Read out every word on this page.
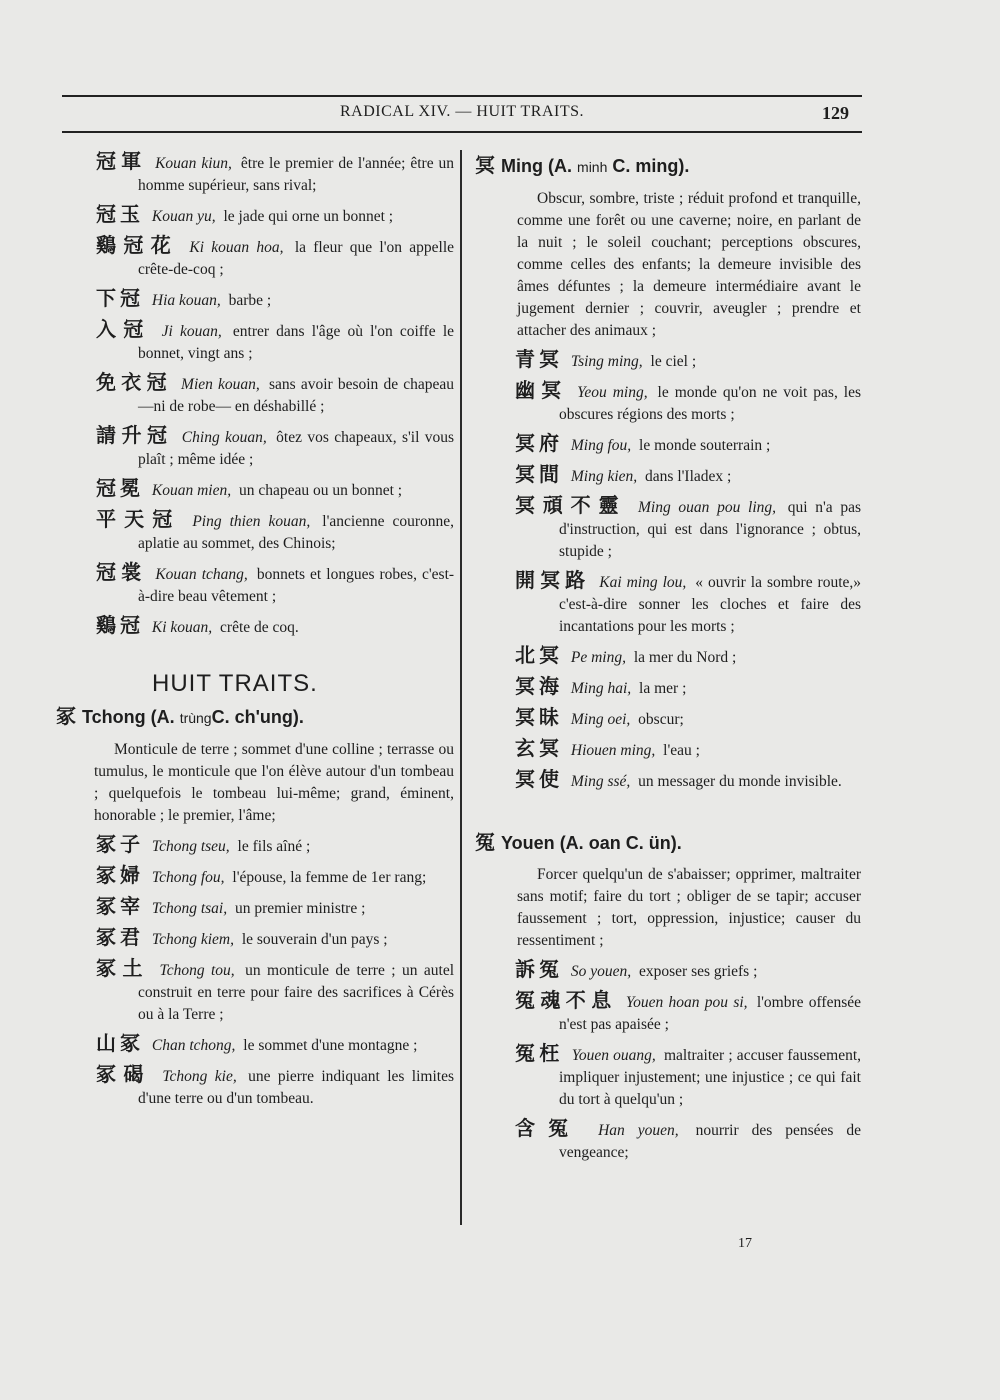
RADICAL XIV. — HUIT TRAITS.	129

冠軍 Kouan kiun, être le premier de l'année; être un homme supérieur, sans rival;

冠玉 Kouan yu, le jade qui orne un bonnet ;

鷄冠花 Ki kouan hoa, la fleur que l'on appelle crête-de-coq ;

下冠 Hia kouan, barbe ;

入冠 Ji kouan, entrer dans l'âge où l'on coiffe le bonnet, vingt ans ;

免衣冠 Mien kouan, sans avoir besoin de chapeau —ni de robe— en déshabillé ;

請升冠 Ching kouan, ôtez vos chapeaux, s'il vous plaît ; même idée ;

冠冕 Kouan mien, un chapeau ou un bonnet ;

平天冠 Ping thien kouan, l'ancienne couronne, aplatie au sommet, des Chinois;

冠裳 Kouan tchang, bonnets et longues robes, c'est-à-dire beau vêtement ;

鷄冠 Ki kouan, crête de coq.

HUIT TRAITS.
冢 Tchong (A. trùngC. ch'ung).

Monticule de terre ; sommet d'une colline ; terrasse ou tumulus, le monticule que l'on élève autour d'un tombeau ; quelquefois le tombeau lui-même; grand, éminent, honorable ; le premier, l'âme;

冢子 Tchong tseu, le fils aîné ;

冢婦 Tchong fou, l'épouse, la femme de 1er rang;

冢宰 Tchong tsai, un premier ministre ;

冢君 Tchong kiem, le souverain d'un pays ;

冢土 Tchong tou, un monticule de terre ; un autel construit en terre pour faire des sacrifices à Cérès ou à la Terre ;

山冢 Chan tchong, le sommet d'une montagne ;

冢碣 Tchong kie, une pierre indiquant les limites d'une terre ou d'un tombeau.

冥 Ming (A. minh C. ming).

Obscur, sombre, triste ; réduit profond et tranquille, comme une forêt ou une caverne; noire, en parlant de la nuit ; le soleil couchant; perceptions obscures, comme celles des enfants; la demeure invisible des âmes défuntes ; la demeure intermédiaire avant le jugement dernier ; couvrir, aveugler ; prendre et attacher des animaux ;

青冥 Tsing ming, le ciel ;

幽冥 Yeou ming, le monde qu'on ne voit pas, les obscures régions des morts ;

冥府 Ming fou, le monde souterrain ;

冥間 Ming kien, dans l'Iladex ;

冥頑不靈 Ming ouan pou ling, qui n'a pas d'instruction, qui est dans l'ignorance ; obtus, stupide ;

開冥路 Kai ming lou, « ouvrir la sombre route,» c'est-à-dire sonner les cloches et faire des incantations pour les morts ;

北冥 Pe ming, la mer du Nord ;

冥海 Ming hai, la mer ;

冥昧 Ming oei, obscur;

玄冥 Hiouen ming, l'eau ;

冥使 Ming ssé, un messager du monde invisible.

冤 Youen (A. oan C. ün).

Forcer quelqu'un de s'abaisser; opprimer, maltraiter sans motif; faire du tort ; obliger de se tapir; accuser faussement ; tort, oppression, injustice; causer du ressentiment ;

訴冤 So youen, exposer ses griefs ;

冤魂不息 Youen hoan pou si, l'ombre offensée n'est pas apaisée ;

冤枉 Youen ouang, maltraiter ; accuser faussement, impliquer injustement; une injustice ; ce qui fait du tort à quelqu'un ;

含冤 Han youen, nourrir des pensées de vengeance;

17
